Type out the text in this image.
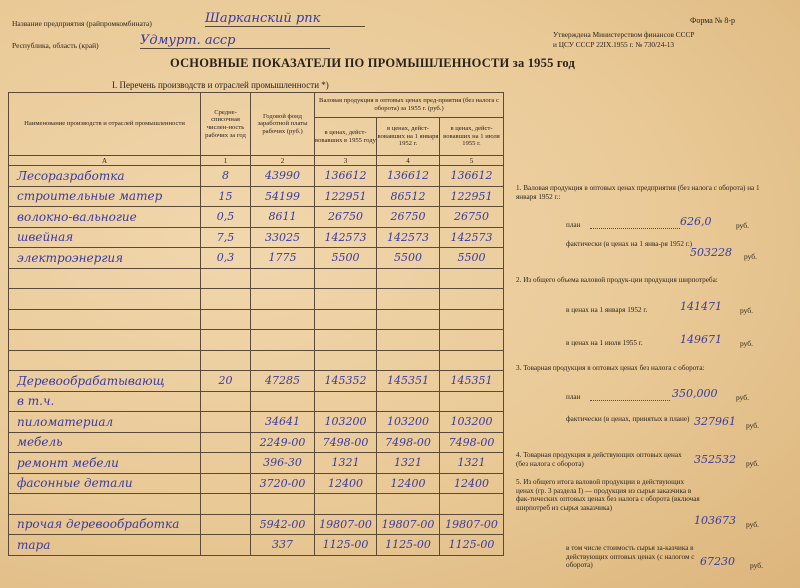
Название предприятия (райпромкомбината)	Шарканский рпк
Республика, область (край)	Удмурт. асср
Форма № 8-р
Утверждена Министерством финансов СССР
и ЦСУ СССР 22IX.1955 г. № 730/24-13
ОСНОВНЫЕ ПОКАЗАТЕЛИ ПО ПРОМЫШЛЕННОСТИ за 1955 год
I. Перечень производств и отраслей промышленности *)
Наименование производств и отраслей промышленности	Средне-списочная числен-ность рабочих за год	Годовой фонд заработной платы рабочих (руб.)	Валовая продукция в оптовых ценах пред-приятия (без налога с оборота) за 1955 г. (руб.)		
			в ценах, дейст-вовавших в 1955 году	в ценах, дейст-вовавших на 1 января 1952 г.	в ценах, дейст-вовавших на 1 июля 1955 г.
А	1	2	3	4	5
Лесоразработка	8	43990	136612	136612	136612
строительные матер	15	54199	122951	86512	122951
волокно-вальногие	0,5	8611	26750	26750	26750
швейная	7,5	33025	142573	142573	142573
электроэнергия	0,3	1775	5500	5500	5500

Деревообрабатывающ	20	47285	145352	145351	145351
в т.ч.					
пиломатериал		34641	103200	103200	103200
мебель		2249-00	7498-00	7498-00	7498-00
ремонт мебели		396-30	1321	1321	1321
фасонные детали		3720-00	12400	12400	12400

прочая деревообработка		5942-00	19807-00	19807-00	19807-00
тара		337	1125-00	1125-00	1125-00
1. Валовая продукция в оптовых ценах предприятия (без налога с оборота) на 1 января 1952 г.:
план	626,0	руб.
фактически (в ценах на 1 янва-ря 1952 г.)
503228 руб.
2. Из общего объема валовой продук-ции продукция ширпотреба:
в ценах на 1 января 1952 г.	141471 руб.
в ценах на 1 июля 1955 г.	149671 руб.
3. Товарная продукция в оптовых ценах без налога с оборота:
план	350,000 руб.
фактически (в ценах, принятых в плане) 327961 руб.
4. Товарная продукция в действующих оптовых ценах (без налога с оборота)	352532 руб.
5. Из общего итога валовой продукции в действующих ценах (гр. 3 раздела I) — продукция из сырья заказчика в фак-тических оптовых ценах без налога с оборота (включая ширпотреб из сырья заказчика)
103673 руб.
в том числе стоимость сырья за-казчика в действующих оптовых ценах (с налогом с оборота)	67230 руб.
